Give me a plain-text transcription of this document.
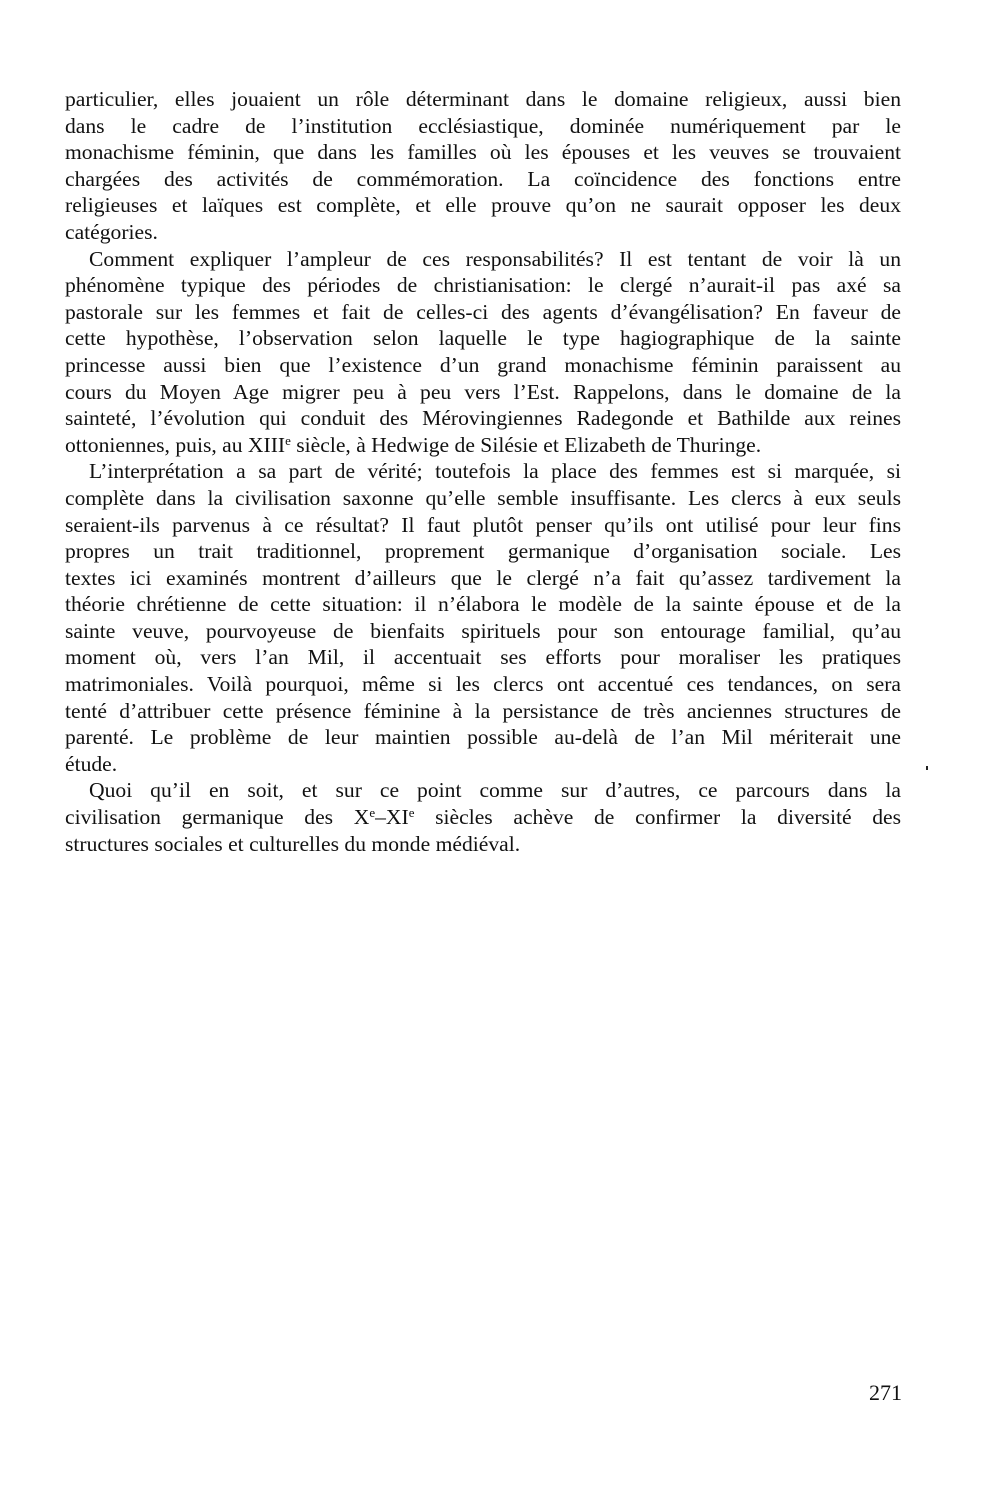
particulier, elles jouaient un rôle déterminant dans le domaine religieux, aussi bien
dans le cadre de l’institution ecclésiastique, dominée numériquement par le
monachisme féminin, que dans les familles où les épouses et les veuves se trouvaient
chargées des activités de commémoration. La coïncidence des fonctions entre
religieuses et laïques est complète, et elle prouve qu’on ne saurait opposer les deux
catégories.

Comment expliquer l’ampleur de ces responsabilités? Il est tentant de voir là un
phénomène typique des périodes de christianisation: le clergé n’aurait-il pas axé sa
pastorale sur les femmes et fait de celles-ci des agents d’évangélisation? En faveur de
cette hypothèse, l’observation selon laquelle le type hagiographique de la sainte
princesse aussi bien que l’existence d’un grand monachisme féminin paraissent au
cours du Moyen Age migrer peu à peu vers l’Est. Rappelons, dans le domaine de la
sainteté, l’évolution qui conduit des Mérovingiennes Radegonde et Bathilde aux reines
ottoniennes, puis, au XIIIe siècle, à Hedwige de Silésie et Elizabeth de Thuringe.

L’interprétation a sa part de vérité; toutefois la place des femmes est si marquée, si
complète dans la civilisation saxonne qu’elle semble insuffisante. Les clercs à eux seuls
seraient-ils parvenus à ce résultat? Il faut plutôt penser qu’ils ont utilisé pour leur fins
propres un trait traditionnel, proprement germanique d’organisation sociale. Les
textes ici examinés montrent d’ailleurs que le clergé n’a fait qu’assez tardivement la
théorie chrétienne de cette situation: il n’élabora le modèle de la sainte épouse et de la
sainte veuve, pourvoyeuse de bienfaits spirituels pour son entourage familial, qu’au
moment où, vers l’an Mil, il accentuait ses efforts pour moraliser les pratiques
matrimoniales. Voilà pourquoi, même si les clercs ont accentué ces tendances, on sera
tenté d’attribuer cette présence féminine à la persistance de très anciennes structures de
parenté. Le problème de leur maintien possible au-delà de l’an Mil mériterait une
étude.

Quoi qu’il en soit, et sur ce point comme sur d’autres, ce parcours dans la
civilisation germanique des Xe–XIe siècles achève de confirmer la diversité des
structures sociales et culturelles du monde médiéval.

271
